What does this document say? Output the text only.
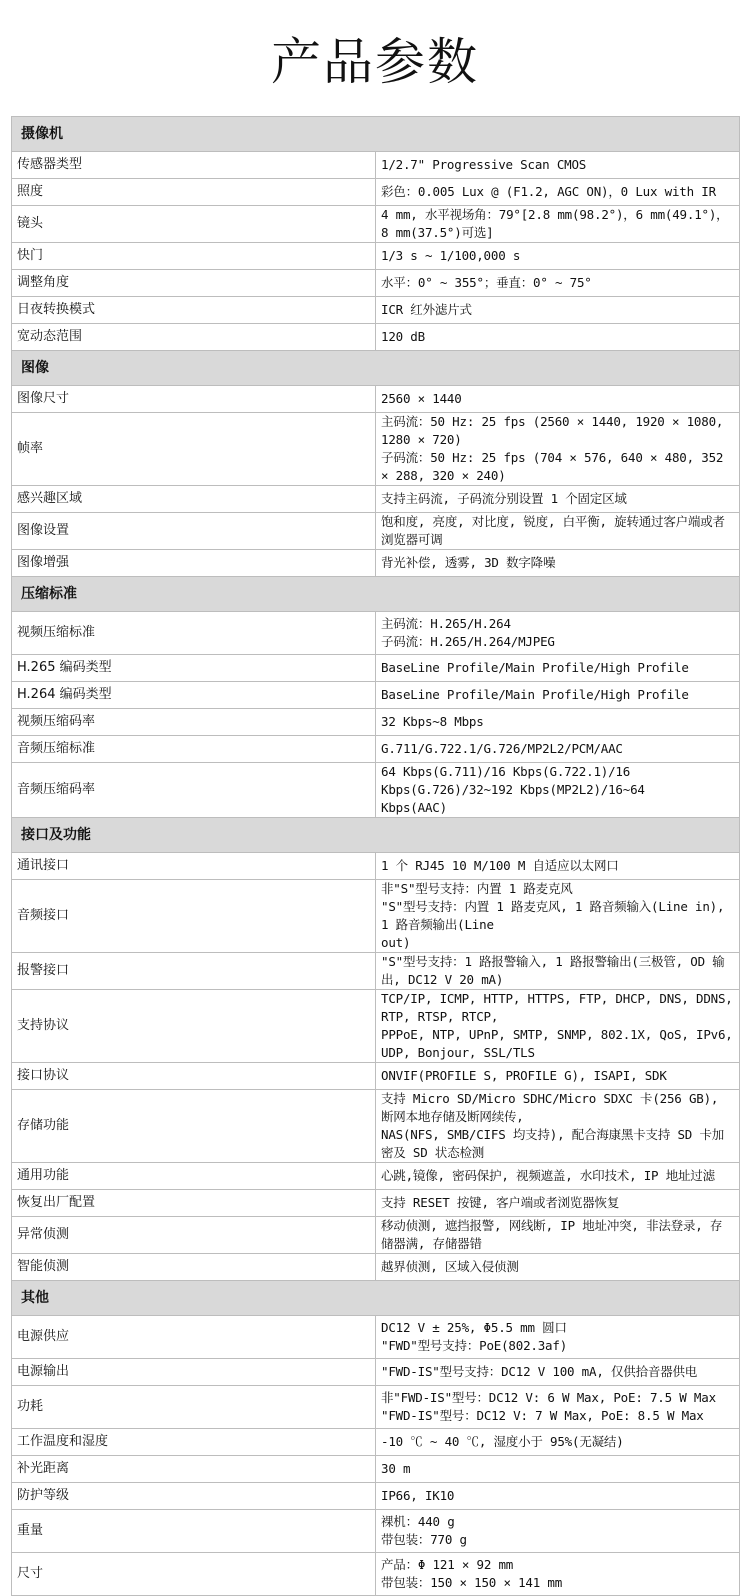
产品参数
摄像机	
传感器类型	1/2.7" Progressive Scan CMOS

照度	彩色：0.005 Lux @ (F1.2, AGC ON)，0 Lux with IR

镜头	4 mm, 水平视场角：79°[2.8 mm(98.2°)，6 mm(49.1°)，8 mm(37.5°)可选]

快门	1/3 s ~ 1/100,000 s

调整角度	水平：0° ~ 355°；垂直：0° ~ 75°

日夜转换模式	ICR 红外滤片式

宽动态范围	120 dB

图像	
图像尺寸	2560 × 1440

帧率	主码流：50 Hz: 25 fps (2560 × 1440, 1920 × 1080, 1280 × 720)
子码流：50 Hz: 25 fps (704 × 576, 640 × 480, 352 × 288, 320 × 240)

感兴趣区域	支持主码流, 子码流分别设置 1 个固定区域

图像设置	饱和度, 亮度, 对比度, 锐度, 白平衡, 旋转通过客户端或者浏览器可调

图像增强	背光补偿, 透雾, 3D 数字降噪

压缩标准	
视频压缩标准	主码流：H.265/H.264
子码流：H.265/H.264/MJPEG

H.265 编码类型	BaseLine Profile/Main Profile/High Profile

H.264 编码类型	BaseLine Profile/Main Profile/High Profile

视频压缩码率	32 Kbps~8 Mbps

音频压缩标准	G.711/G.722.1/G.726/MP2L2/PCM/AAC

音频压缩码率	64 Kbps(G.711)/16 Kbps(G.722.1)/16 Kbps(G.726)/32~192 Kbps(MP2L2)/16~64
Kbps(AAC)

接口及功能	
通讯接口	1 个 RJ45 10 M/100 M 自适应以太网口

音频接口	非"S"型号支持：内置 1 路麦克风
"S"型号支持：内置 1 路麦克风, 1 路音频输入(Line in), 1 路音频输出(Line
out)

报警接口	"S"型号支持：1 路报警输入, 1 路报警输出(三极管, OD 输出, DC12 V 20 mA)

支持协议	TCP/IP, ICMP, HTTP, HTTPS, FTP, DHCP, DNS, DDNS, RTP, RTSP, RTCP,
PPPoE, NTP, UPnP, SMTP, SNMP, 802.1X, QoS, IPv6, UDP, Bonjour, SSL/TLS

接口协议	ONVIF(PROFILE S, PROFILE G), ISAPI, SDK

存储功能	支持 Micro SD/Micro SDHC/Micro SDXC 卡(256 GB), 断网本地存储及断网续传,
NAS(NFS, SMB/CIFS 均支持), 配合海康黑卡支持 SD 卡加密及 SD 状态检测

通用功能	心跳,镜像, 密码保护, 视频遮盖, 水印技术, IP 地址过滤

恢复出厂配置	支持 RESET 按键, 客户端或者浏览器恢复

异常侦测	移动侦测, 遮挡报警, 网线断, IP 地址冲突, 非法登录, 存储器满, 存储器错

智能侦测	越界侦测, 区域入侵侦测

其他	
电源供应	DC12 V ± 25%, Φ5.5 mm 圆口
"FWD"型号支持：PoE(802.3af)

电源输出	"FWD-IS"型号支持：DC12 V 100 mA, 仅供拾音器供电

功耗	非"FWD-IS"型号：DC12 V: 6 W Max, PoE: 7.5 W Max
"FWD-IS"型号：DC12 V: 7 W Max, PoE: 8.5 W Max

工作温度和湿度	-10 ℃ ~ 40 ℃, 湿度小于 95%(无凝结)

补光距离	30 m

防护等级	IP66, IK10

重量	裸机：440 g
带包装：770 g

尺寸	产品：Φ 121 × 92 mm
带包装：150 × 150 × 141 mm
